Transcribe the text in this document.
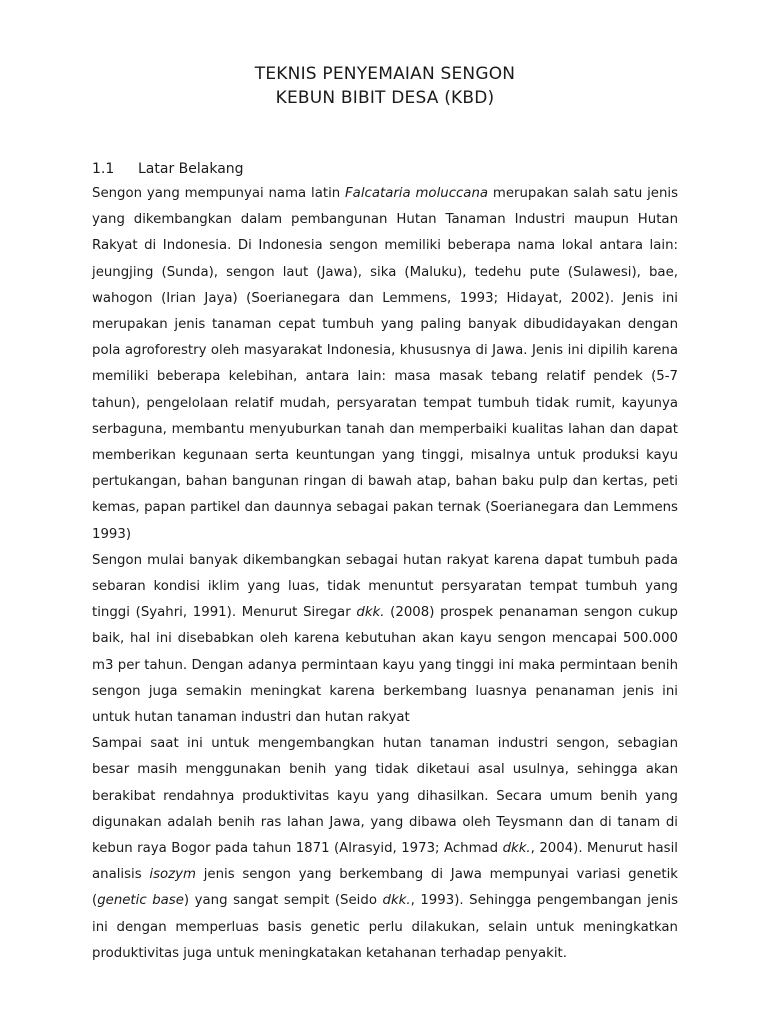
TEKNIS PENYEMAIAN SENGON
KEBUN BIBIT DESA (KBD)
1.1 Latar Belakang

Sengon yang mempunyai nama latin Falcataria moluccana merupakan salah satu jenis yang dikembangkan dalam pembangunan Hutan Tanaman Industri maupun Hutan Rakyat di Indonesia. Di Indonesia sengon memiliki beberapa nama lokal antara lain: jeungjing (Sunda), sengon laut (Jawa), sika (Maluku), tedehu pute (Sulawesi), bae, wahogon (Irian Jaya) (Soerianegara dan Lemmens, 1993; Hidayat, 2002). Jenis ini merupakan jenis tanaman cepat tumbuh yang paling banyak dibudidayakan dengan pola agroforestry oleh masyarakat Indonesia, khususnya di Jawa. Jenis ini dipilih karena memiliki beberapa kelebihan, antara lain: masa masak tebang relatif pendek (5-7 tahun), pengelolaan relatif mudah, persyaratan tempat tumbuh tidak rumit, kayunya serbaguna, membantu menyuburkan tanah dan memperbaiki kualitas lahan dan dapat memberikan kegunaan serta keuntungan yang tinggi, misalnya untuk produksi kayu pertukangan, bahan bangunan ringan di bawah atap, bahan baku pulp dan kertas, peti kemas, papan partikel dan daunnya sebagai pakan ternak (Soerianegara dan Lemmens 1993)

Sengon mulai banyak dikembangkan sebagai hutan rakyat karena dapat tumbuh pada sebaran kondisi iklim yang luas, tidak menuntut persyaratan tempat tumbuh yang tinggi (Syahri, 1991). Menurut Siregar dkk. (2008) prospek penanaman sengon cukup baik, hal ini disebabkan oleh karena kebutuhan akan kayu sengon mencapai 500.000 m3 per tahun. Dengan adanya permintaan kayu yang tinggi ini maka permintaan benih sengon juga semakin meningkat karena berkembang luasnya penanaman jenis ini untuk hutan tanaman industri dan hutan rakyat

Sampai saat ini untuk mengembangkan hutan tanaman industri sengon, sebagian besar masih menggunakan benih yang tidak diketaui asal usulnya, sehingga akan berakibat rendahnya produktivitas kayu yang dihasilkan. Secara umum benih yang digunakan adalah benih ras lahan Jawa, yang dibawa oleh Teysmann dan di tanam di kebun raya Bogor pada tahun 1871 (Alrasyid, 1973; Achmad dkk., 2004). Menurut hasil analisis isozym jenis sengon yang berkembang di Jawa mempunyai variasi genetik (genetic base) yang sangat sempit (Seido dkk., 1993). Sehingga pengembangan jenis ini dengan memperluas basis genetic perlu dilakukan, selain untuk meningkatkan produktivitas juga untuk meningkatakan ketahanan terhadap penyakit.
